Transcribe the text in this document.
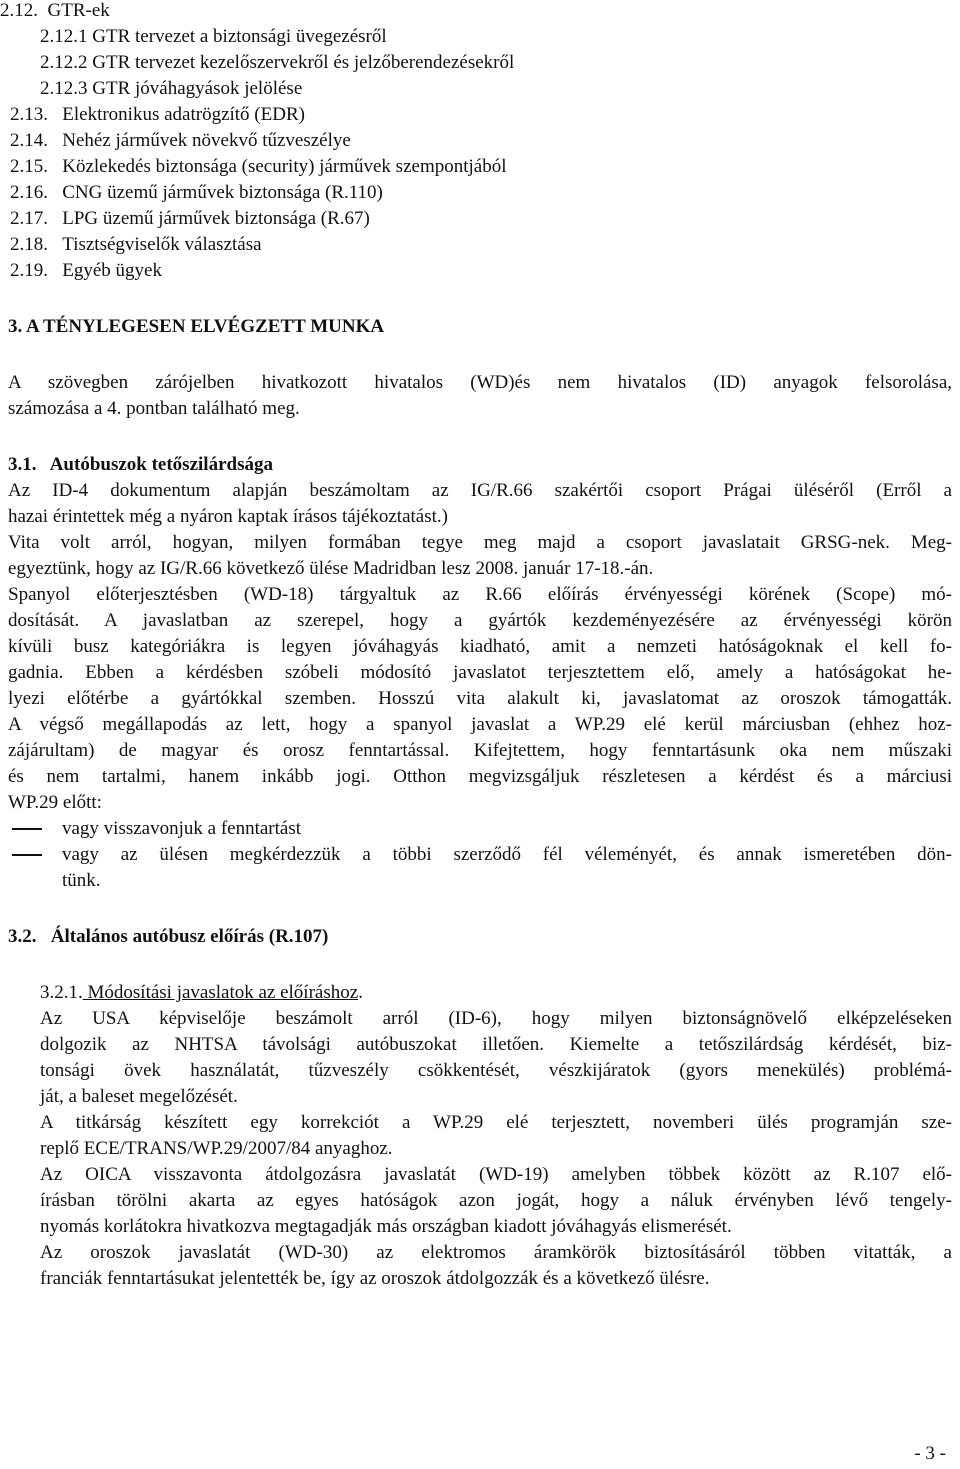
2.12. GTR-ek
2.12.1 GTR tervezet a biztonsági üvegezésről
2.12.2 GTR tervezet kezelőszervekről és jelzőberendezésekről
2.12.3 GTR jóváhagyások jelölése
2.13. Elektronikus adatrögzítő (EDR)
2.14. Nehéz járművek növekvő tűzveszélye
2.15. Közlekedés biztonsága (security) járművek szempontjából
2.16. CNG üzemű járművek biztonsága (R.110)
2.17. LPG üzemű járművek biztonsága (R.67)
2.18. Tisztségviselők választása
2.19. Egyéb ügyek
3. A TÉNYLEGESEN ELVÉGZETT MUNKA
A szövegben zárójelben hivatkozott hivatalos (WD)és nem hivatalos (ID) anyagok felsorolása,
számozása a 4. pontban található meg.
3.1.   Autóbuszok tetőszilárdsága
Az ID-4 dokumentum alapján beszámoltam az IG/R.66 szakértői csoport Prágai üléséről (Erről a
hazai érintettek még a nyáron kaptak írásos tájékoztatást.)
Vita volt arról, hogyan, milyen formában tegye meg majd a csoport javaslatait GRSG-nek. Meg-
egyeztünk, hogy az IG/R.66 következő ülése Madridban lesz 2008. január 17-18.-án.
Spanyol előterjesztésben (WD-18) tárgyaltuk az R.66 előírás érvényességi körének (Scope) mó-
dosítását. A javaslatban az szerepel, hogy a gyártók kezdeményezésére az érvényességi körön
kívüli busz kategóriákra is legyen jóváhagyás kiadható, amit a nemzeti hatóságoknak el kell fo-
gadnia. Ebben a kérdésben szóbeli módosító javaslatot terjesztettem elő, amely a hatóságokat he-
lyezi előtérbe a gyártókkal szemben. Hosszú vita alakult ki, javaslatomat az oroszok támogatták.
A végső megállapodás az lett, hogy a spanyol javaslat a WP.29 elé kerül márciusban (ehhez hoz-
zájárultam) de magyar és orosz fenntartással. Kifejtettem, hogy fenntartásunk oka nem műszaki
és nem tartalmi, hanem inkább jogi. Otthon megvizsgáljuk részletesen a kérdést és a márciusi
WP.29 előtt:
vagy visszavonjuk a fenntartást
vagy az ülésen megkérdezzük a többi szerződő fél véleményét, és annak ismeretében dön-
tünk.
3.2.   Általános autóbusz előírás (R.107)
3.2.1. Módosítási javaslatok az előíráshoz.
Az USA képviselője beszámolt arról (ID-6), hogy milyen biztonságnövelő elképzeléseken
dolgozik az NHTSA távolsági autóbuszokat illetően. Kiemelte a tetőszilárdság kérdését, biz-
tonsági övek használatát, tűzveszély csökkentését, vészkijáratok (gyors menekülés) problémá-
ját, a baleset megelőzését.
A titkárság készített egy korrekciót a WP.29 elé terjesztett, novemberi ülés programján sze-
replő ECE/TRANS/WP.29/2007/84 anyaghoz.
Az OICA visszavonta átdolgozásra javaslatát (WD-19) amelyben többek között az R.107 elő-
írásban törölni akarta az egyes hatóságok azon jogát, hogy a náluk érvényben lévő tengely-
nyomás korlátokra hivatkozva megtagadják más országban kiadott jóváhagyás elismerését.
Az oroszok javaslatát (WD-30) az elektromos áramkörök biztosításáról többen vitatták, a
franciák fenntartásukat jelentették be, így az oroszok átdolgozzák és a következő ülésre.
- 3 -
